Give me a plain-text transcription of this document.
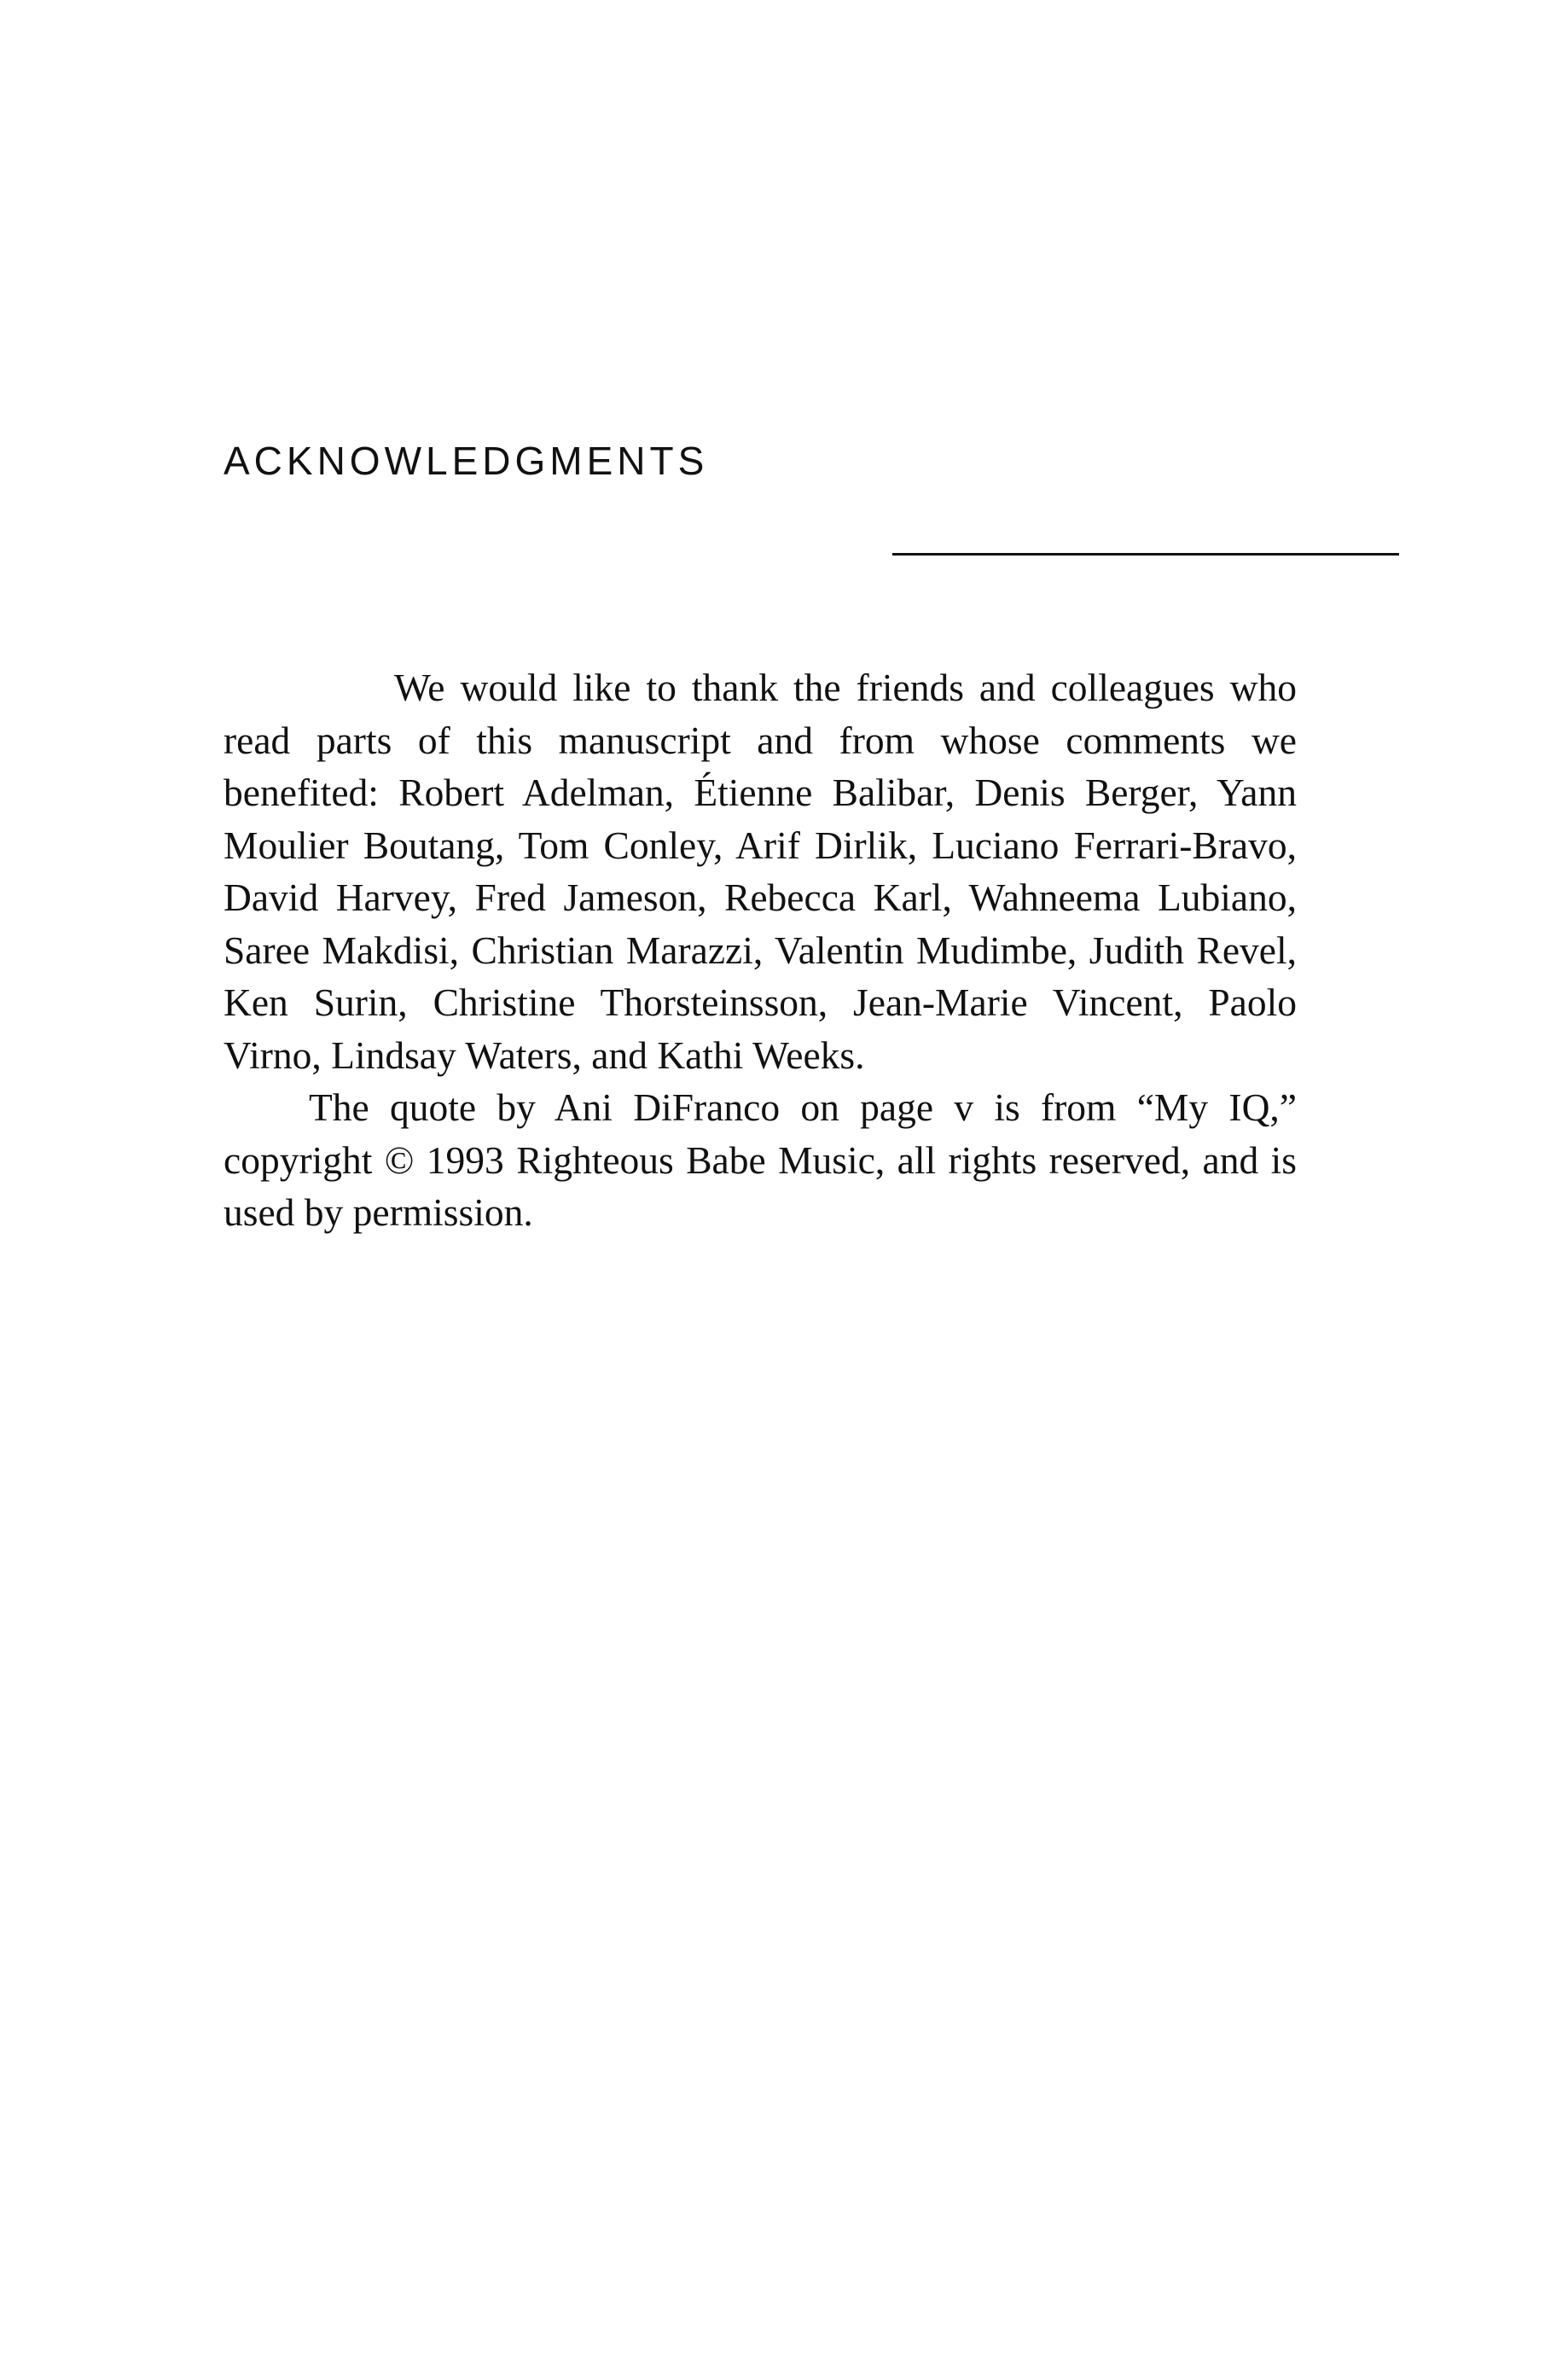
ACKNOWLEDGMENTS

We would like to thank the friends and colleagues who read parts of this manuscript and from whose comments we benefited: Robert Adelman, Étienne Balibar, Denis Berger, Yann Moulier Boutang, Tom Conley, Arif Dirlik, Luciano Ferrari-Bravo, David Harvey, Fred Jameson, Rebecca Karl, Wahneema Lubiano, Saree Makdisi, Christian Marazzi, Valentin Mudimbe, Judith Revel, Ken Surin, Christine Thorsteinsson, Jean-Marie Vincent, Paolo Virno, Lindsay Waters, and Kathi Weeks.

The quote by Ani DiFranco on page v is from “My IQ,” copyright © 1993 Righteous Babe Music, all rights reserved, and is used by permission.
